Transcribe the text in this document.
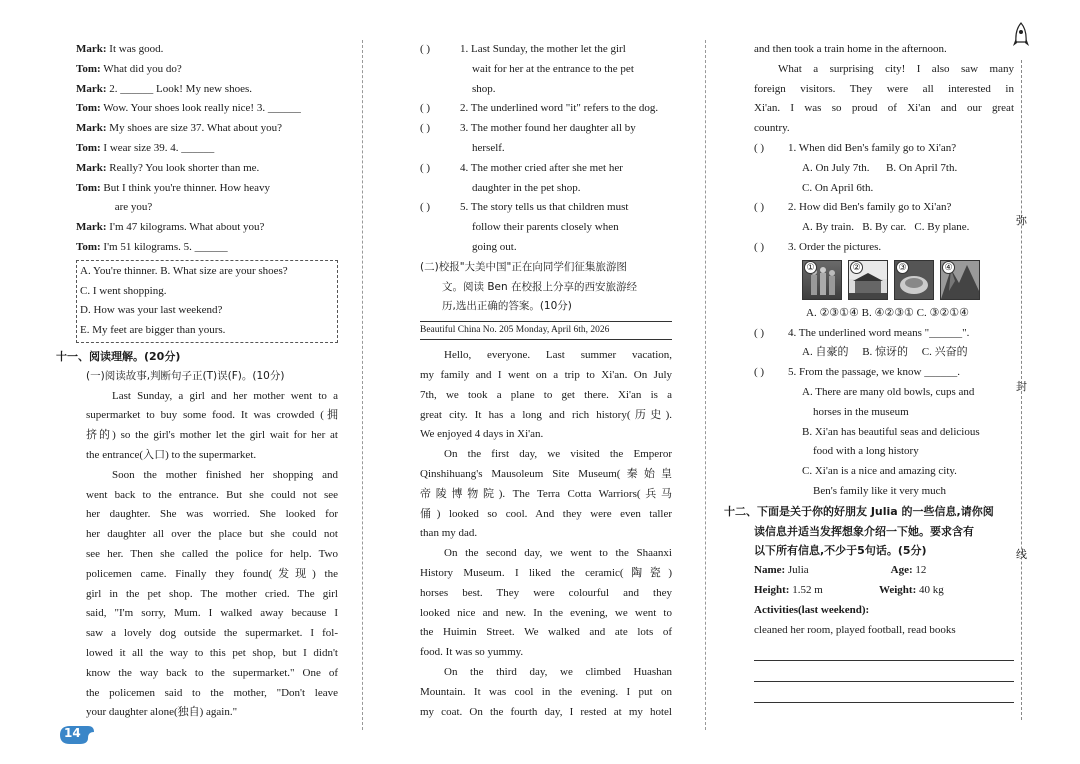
Mark: It was good.
Tom: What did you do?
Mark: 2. ______ Look! My new shoes.
Tom: Wow. Your shoes look really nice! 3. ______
Mark: My shoes are size 37. What about you?
Tom: I wear size 39. 4. ______
Mark: Really? You look shorter than me.
Tom: But I think you're thinner. How heavy
are you?
Mark: I'm 47 kilograms. What about you?
Tom: I'm 51 kilograms. 5. ______
A. You're thinner. B. What size are your shoes?
C. I went shopping.
D. How was your last weekend?
E. My feet are bigger than yours.
十一、阅读理解。(20分)
(一)阅读故事,判断句子正(T)误(F)。(10分)
Last Sunday, a girl and her mother went to a
supermarket to buy some food. It was crowded (拥
挤的) so the girl's mother let the girl wait for her at
the entrance(入口) to the supermarket.
Soon the mother finished her shopping and
went back to the entrance. But she could not see
her daughter. She was worried. She looked for
her daughter all over the place but she could not
see her. Then she called the police for help. Two
policemen came. Finally they found(发现) the
girl in the pet shop. The mother cried. The girl
said, "I'm sorry, Mum. I walked away because I
saw a lovely dog outside the supermarket. I fol-
lowed it all the way to this pet shop, but I didn't
know the way back to the supermarket." One of
the policemen said to the mother, "Don't leave
your daughter alone(独自) again."
14
( )	1. Last Sunday, the mother let the girl
wait for her at the entrance to the pet
shop.
( )	2. The underlined word "it" refers to the dog.
( )	3. The mother found her daughter all by
herself.
( )	4. The mother cried after she met her
daughter in the pet shop.
( )	5. The story tells us that children must
follow their parents closely when
going out.
(二)校报"大美中国"正在向同学们征集旅游图
文。阅读 Ben 在校报上分享的西安旅游经
历,选出正确的答案。(10分)
Beautiful China No. 205 Monday, April 6th, 2026
Hello, everyone. Last summer vacation,
my family and I went on a trip to Xi'an. On July
7th, we took a plane to get there. Xi'an is a
great city. It has a long and rich history(历史).
We enjoyed 4 days in Xi'an.
On the first day, we visited the Emperor
Qinshihuang's Mausoleum Site Museum(秦始皇
帝陵博物院). The Terra Cotta Warriors(兵马
俑) looked so cool. And they were even taller
than my dad.
On the second day, we went to the Shaanxi
History Museum. I liked the ceramic(陶瓷)
horses best. They were colourful and they
looked nice and new. In the evening, we went to
the Huimin Street. We walked and ate lots of
food. It was so yummy.
On the third day, we climbed Huashan
Mountain. It was cool in the evening. I put on
my coat. On the fourth day, I rested at my hotel
and then took a train home in the afternoon.
What a surprising city! I also saw many
foreign visitors. They were all interested in
Xi'an. I was so proud of Xi'an and our great
country.
( ) 1. When did Ben's family go to Xi'an?
A. On July 7th.      B. On April 7th.
C. On April 6th.
( ) 2. How did Ben's family go to Xi'an?
A. By train.   B. By car.   C. By plane.
( ) 3. Order the pictures.
①	②	③	④
A. ②③①④ B. ④②③① C. ③②①④
( ) 4. The underlined word means "______".
A. 自豪的     B. 惊讶的     C. 兴奋的
( ) 5. From the passage, we know ______.
A. There are many old bowls, cups and
horses in the museum
B. Xi'an has beautiful seas and delicious
food with a long history
C. Xi'an is a nice and amazing city.
Ben's family like it very much
十二、下面是关于你的好朋友 Julia 的一些信息,请你阅
读信息并适当发挥想象介绍一下她。要求含有
以下所有信息,不少于5句话。(5分)
Name: Julia	Age: 12
Height: 1.52 m	Weight: 40 kg
Activities(last weekend):
cleaned her room, played football, read books
弥
封
线
